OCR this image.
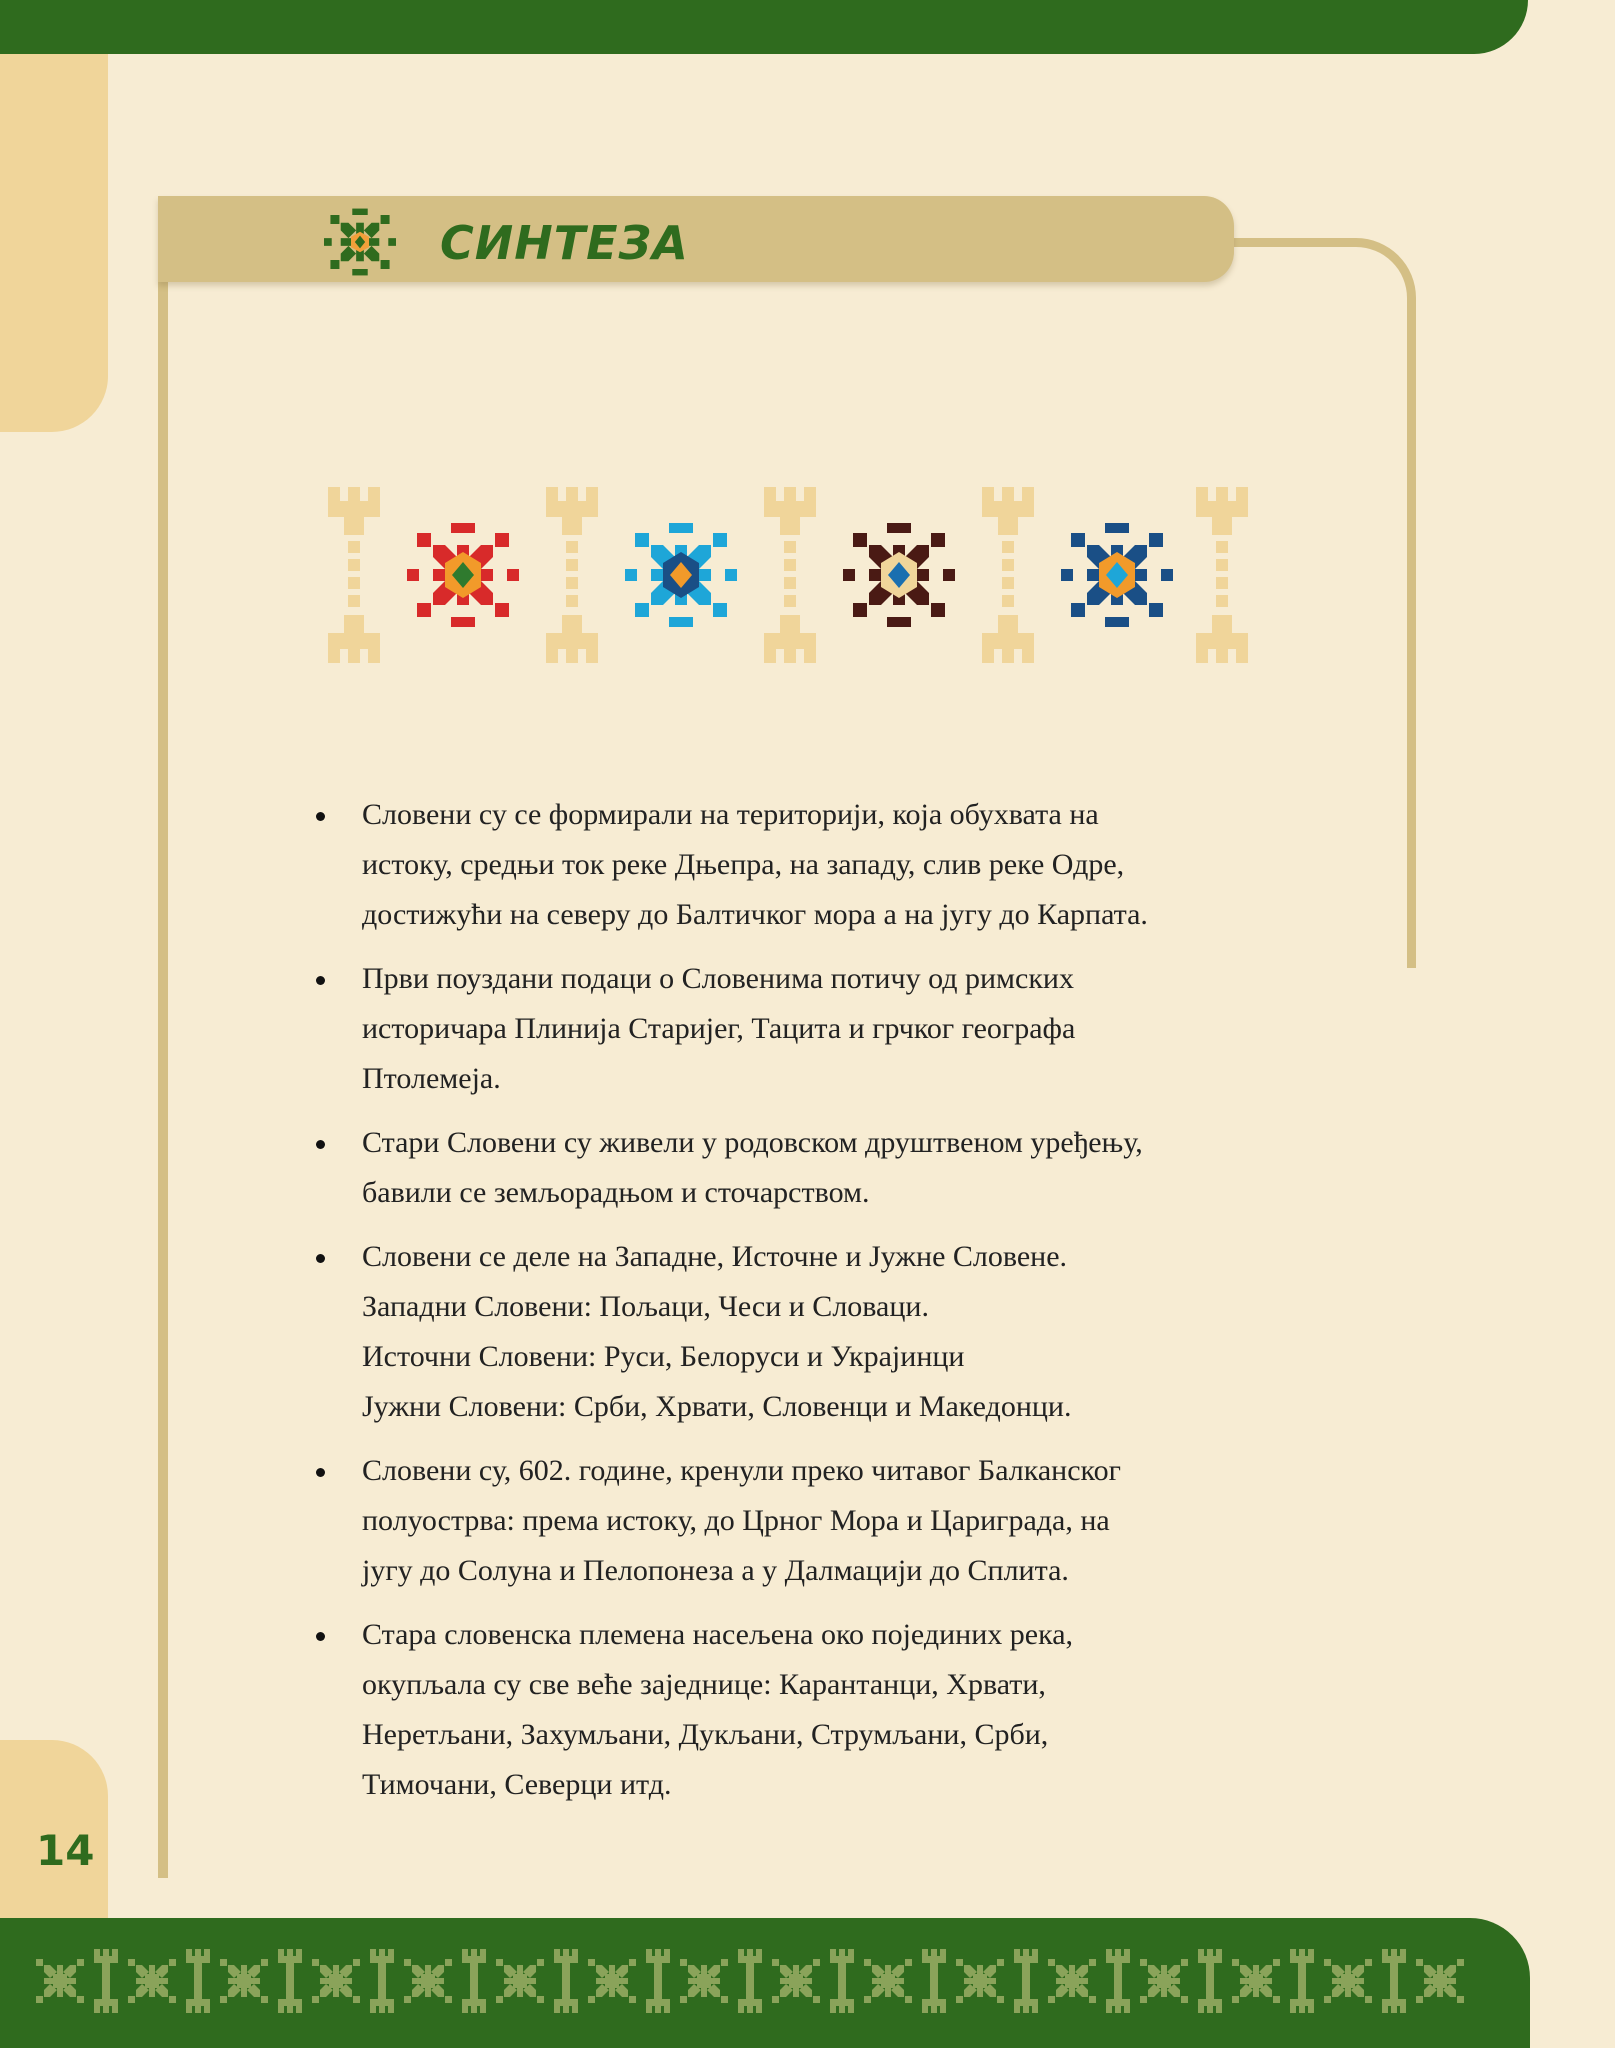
14
СИНТЕЗА
Словени су се формирали на територији, која обухвата на
истоку, средњи ток реке Дњепра, на западу, слив реке Одре,
достижући на северу до Балтичког мора а на југу до Карпата.
Први поуздани подаци о Словенима потичу од римских
историчара Плинија Старијег, Тацита и грчког географа
Птолемеја.
Стари Словени су живели у родовском друштвеном уређењу,
бавили се земљорадњом и сточарством.
Словени се деле на Западне, Источне и Јужне Словене.
Западни Словени: Пољаци, Чеси и Словаци.
Источни Словени: Руси, Белоруси и Украјинци
Јужни Словени: Срби, Хрвати, Словенци и Македонци.
Словени су, 602. године, кренули преко читавог Балканског
полуострва: према истоку, до Црног Мора и Цариграда, на
југу до Солуна и Пелопонеза а у Далмацији до Сплита.
Стара словенска племена насељена око појединих река,
окупљала су све веће заједнице: Карантанци, Хрвати,
Неретљани, Захумљани, Дукљани, Струмљани, Срби,
Тимочани, Северци итд.
